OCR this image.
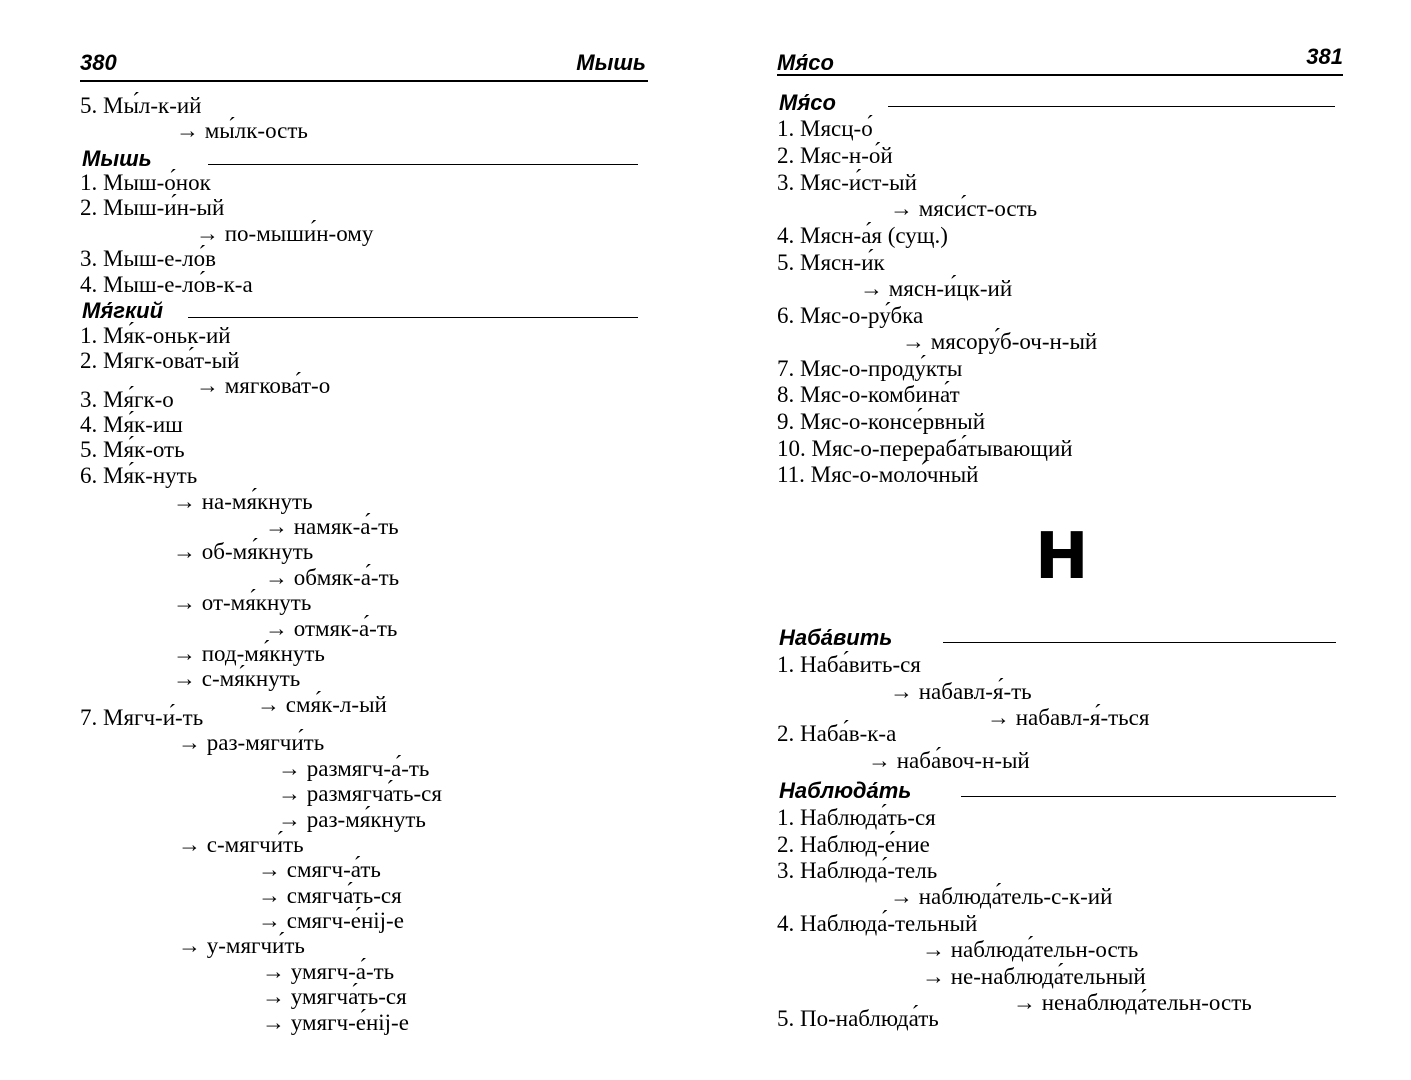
380	Мышь
5. Мы́л-к-ий
→ мы́лк-ость
Мышь
1. Мыш-о́нок
2. Мыш-и́н-ый
→ по-мыши́н-ому
3. Мыш-е-ло́в
4. Мыш-е-ло́в-к-а
Мя́гкий
1. Мя́к-оньк-ий
2. Мягк-ова́т-ый
→ мягкова́т-о
3. Мя́гк-о
4. Мя́к-иш
5. Мя́к-оть
6. Мя́к-нуть
→ на-мя́кнуть
→ намяк-а́-ть
→ об-мя́кнуть
→ обмяк-а́-ть
→ от-мя́кнуть
→ отмяк-а́-ть
→ под-мя́кнуть
→ с-мя́кнуть
→ смя́к-л-ый
7. Мягч-и́-ть
→ раз-мягчи́ть
→ размягч-а́-ть
→ размягча́ть-ся
→ раз-мя́кнуть
→ с-мягчи́ть
→ смягч-а́ть
→ смягча́ть-ся
→ смягч-е́нij-е
→ у-мягчи́ть
→ умягч-а́-ть
→ умягча́ть-ся
→ умягч-е́нij-е
Мя́со	381
Мя́со
1. Мясц-о́
2. Мяс-н-о́й
3. Мяс-и́ст-ый
→ мяси́ст-ость
4. Мясн-а́я (сущ.)
5. Мясн-и́к
→ мясн-и́цк-ий
6. Мяс-о-ру́бка
→ мясору́б-оч-н-ый
7. Мяс-о-проду́кты
8. Мяс-о-комбина́т
9. Мяс-о-консе́рвный
10. Мяс-о-перераба́тывающий
11. Мяс-о-моло́чный
Н
Наба́вить
1. Наба́вить-ся
→ набавл-я́-ть
→ набавл-я́-ться
2. Наба́в-к-а
→ наба́воч-н-ый
Наблюда́ть
1. Наблюда́ть-ся
2. Наблюд-е́ние
3. Наблюда́-тель
→ наблюда́тель-с-к-ий
4. Наблюда́-тельный
→ наблюда́тельн-ость
→ не-наблюда́тельный
→ ненаблюда́тельн-ость
5. По-наблюда́ть
